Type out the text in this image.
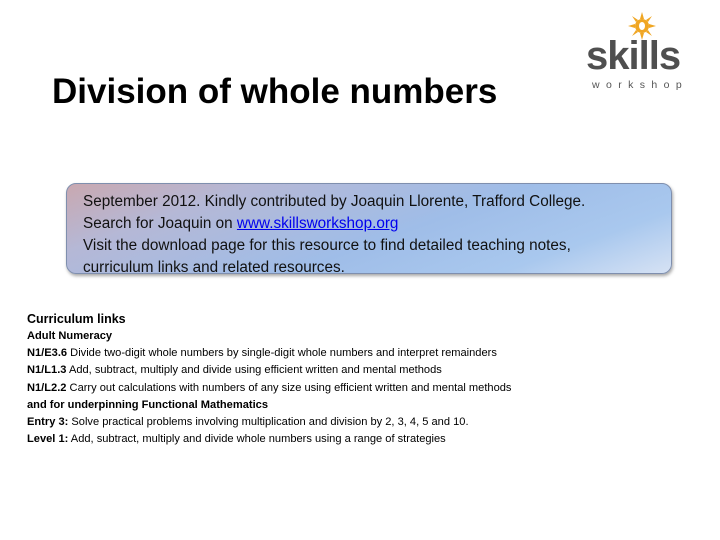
Division of whole numbers
skills
workshop

September 2012. Kindly contributed by Joaquin Llorente, Trafford College.

Search for Joaquin on www.skillsworkshop.org

Visit the download page for this resource to find detailed teaching notes,

curriculum links and related resources.

Curriculum links
Adult Numeracy
N1/E3.6 Divide two-digit whole numbers by single-digit whole numbers and interpret remainders
N1/L1.3 Add, subtract, multiply and divide using efficient written and mental methods
N1/L2.2 Carry out calculations with numbers of any size using efficient written and mental methods
and for underpinning Functional Mathematics
Entry 3: Solve practical problems involving multiplication and division by 2, 3, 4, 5 and 10.
Level 1: Add, subtract, multiply and divide whole numbers using a range of strategies
